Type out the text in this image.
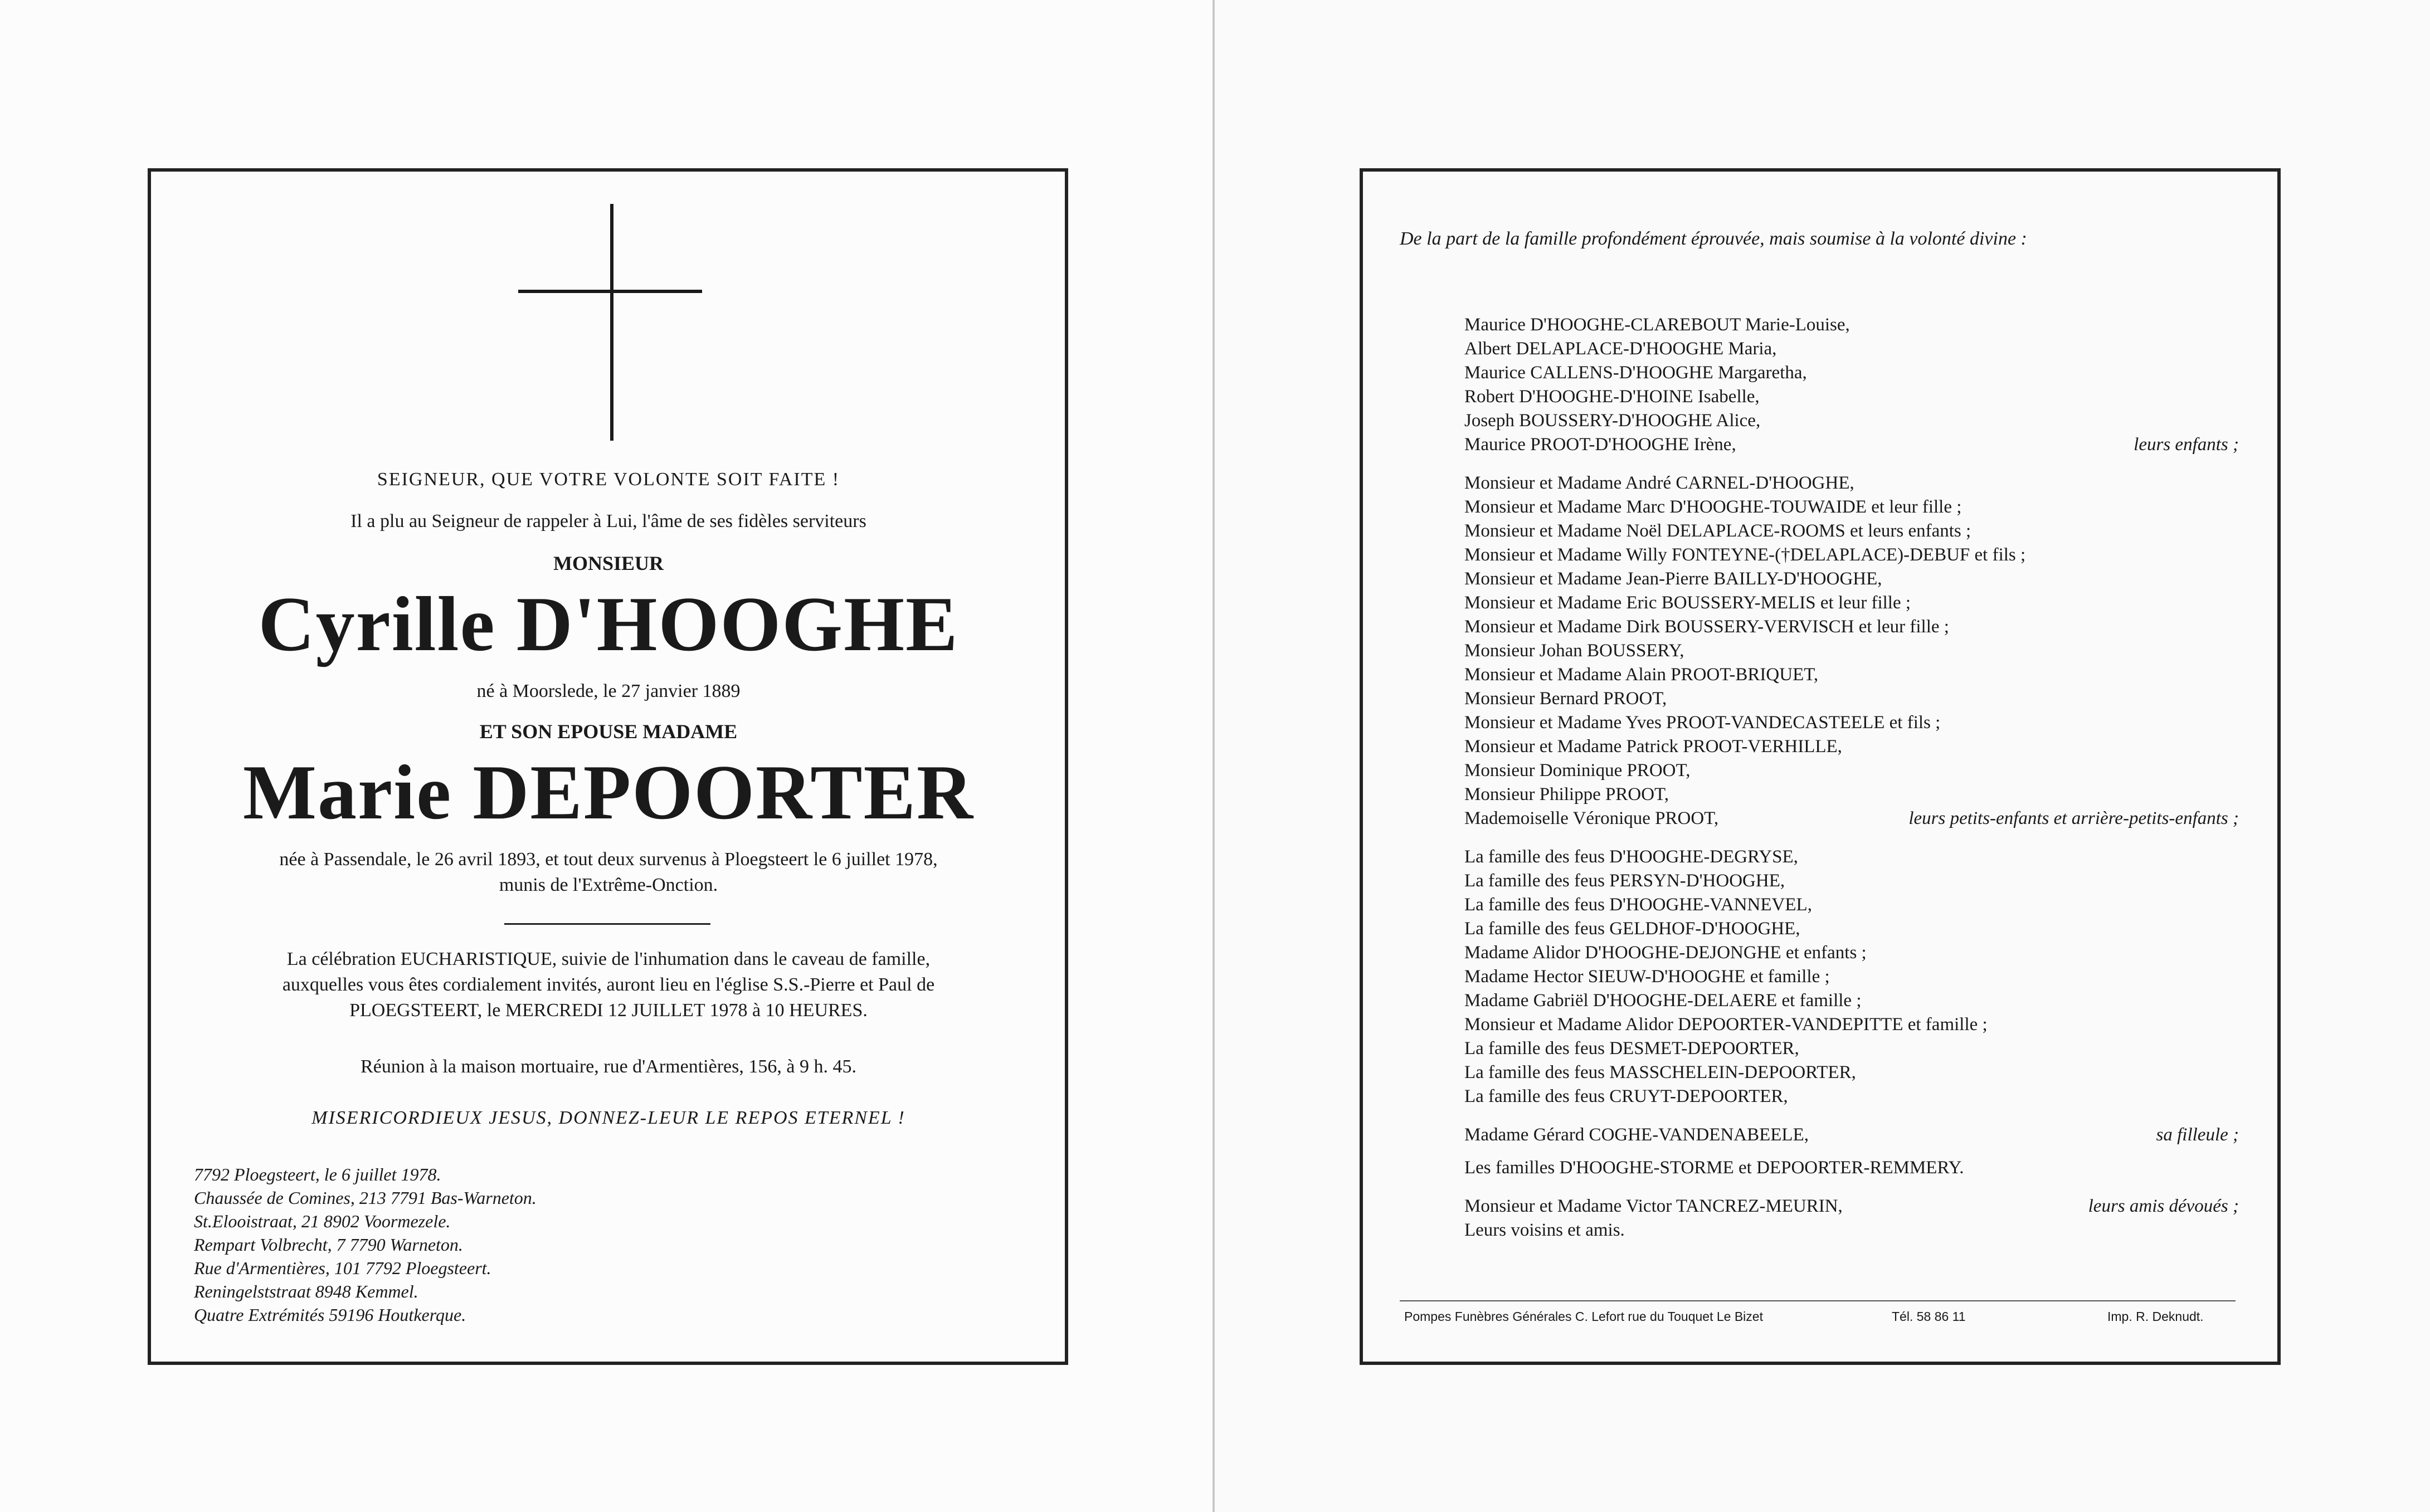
SEIGNEUR, QUE VOTRE VOLONTE SOIT FAITE !
Il a plu au Seigneur de rappeler à Lui, l'âme de ses fidèles serviteurs
MONSIEUR
Cyrille D'HOOGHE
né à Moorslede, le 27 janvier 1889
ET SON EPOUSE MADAME
Marie DEPOORTER
née à Passendale, le 26 avril 1893, et tout deux survenus à Ploegsteert le 6 juillet 1978,
munis de l'Extrême-Onction.
La célébration EUCHARISTIQUE, suivie de l'inhumation dans le caveau de famille,
auxquelles vous êtes cordialement invités, auront lieu en l'église S.S.-Pierre et Paul de
PLOEGSTEERT, le MERCREDI 12 JUILLET 1978 à 10 HEURES.
Réunion à la maison mortuaire, rue d'Armentières, 156, à 9 h. 45.
MISERICORDIEUX JESUS, DONNEZ-LEUR LE REPOS ETERNEL !
7792 Ploegsteert, le 6 juillet 1978.
Chaussée de Comines, 213 7791 Bas-Warneton.
St.Elooistraat, 21 8902 Voormezele.
Rempart Volbrecht, 7 7790 Warneton.
Rue d'Armentières, 101 7792 Ploegsteert.
Reningelststraat 8948 Kemmel.
Quatre Extrémités 59196 Houtkerque.
De la part de la famille profondément éprouvée, mais soumise à la volonté divine :
Maurice D'HOOGHE-CLAREBOUT Marie-Louise,
Albert DELAPLACE-D'HOOGHE Maria,
Maurice CALLENS-D'HOOGHE Margaretha,
Robert D'HOOGHE-D'HOINE Isabelle,
Joseph BOUSSERY-D'HOOGHE Alice,
Maurice PROOT-D'HOOGHE Irène,	leurs enfants ;
Monsieur et Madame André CARNEL-D'HOOGHE,
Monsieur et Madame Marc D'HOOGHE-TOUWAIDE et leur fille ;
Monsieur et Madame Noël DELAPLACE-ROOMS et leurs enfants ;
Monsieur et Madame Willy FONTEYNE-(†DELAPLACE)-DEBUF et fils ;
Monsieur et Madame Jean-Pierre BAILLY-D'HOOGHE,
Monsieur et Madame Eric BOUSSERY-MELIS et leur fille ;
Monsieur et Madame Dirk BOUSSERY-VERVISCH et leur fille ;
Monsieur Johan BOUSSERY,
Monsieur et Madame Alain PROOT-BRIQUET,
Monsieur Bernard PROOT,
Monsieur et Madame Yves PROOT-VANDECASTEELE et fils ;
Monsieur et Madame Patrick PROOT-VERHILLE,
Monsieur Dominique PROOT,
Monsieur Philippe PROOT,
Mademoiselle Véronique PROOT,	leurs petits-enfants et arrière-petits-enfants ;
La famille des feus D'HOOGHE-DEGRYSE,
La famille des feus PERSYN-D'HOOGHE,
La famille des feus D'HOOGHE-VANNEVEL,
La famille des feus GELDHOF-D'HOOGHE,
Madame Alidor D'HOOGHE-DEJONGHE et enfants ;
Madame Hector SIEUW-D'HOOGHE et famille ;
Madame Gabriël D'HOOGHE-DELAERE et famille ;
Monsieur et Madame Alidor DEPOORTER-VANDEPITTE et famille ;
La famille des feus DESMET-DEPOORTER,
La famille des feus MASSCHELEIN-DEPOORTER,
La famille des feus CRUYT-DEPOORTER,
Madame Gérard COGHE-VANDENABEELE,	sa filleule ;
Les familles D'HOOGHE-STORME et DEPOORTER-REMMERY.
Monsieur et Madame Victor TANCREZ-MEURIN,	leurs amis dévoués ;
Leurs voisins et amis.
Pompes Funèbres Générales C. Lefort rue du Touquet Le Bizet	Tél. 58 86 11	Imp. R. Deknudt.
